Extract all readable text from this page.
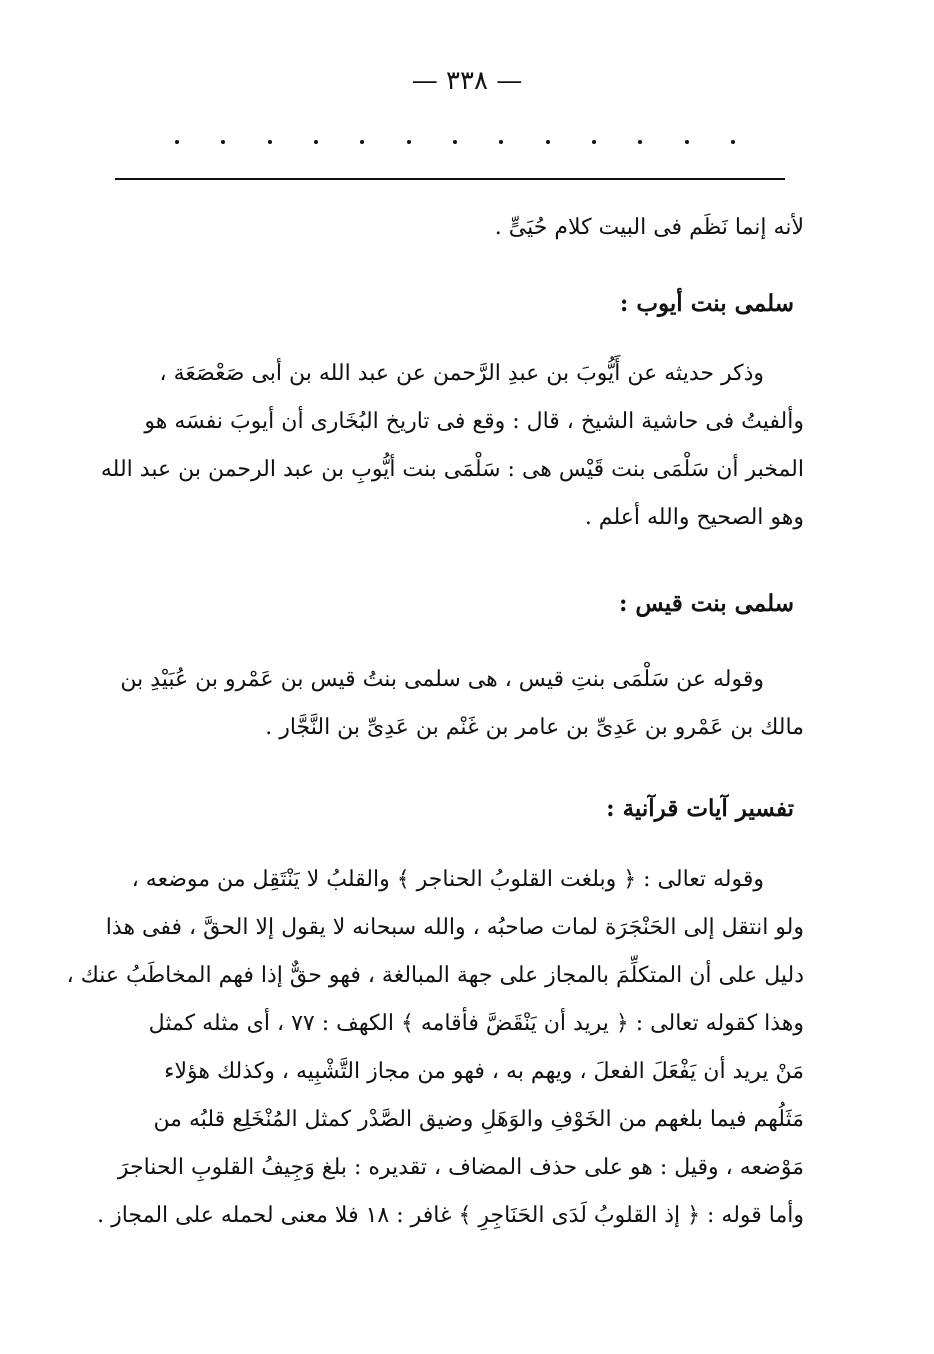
— ٣٣٨ —
لأنه إنما نَظَم فى البيت كلام حُيَىٍّ .
سلمى بنت أيوب :
وذكر حديثه عن أَيُّوبَ بن عبدِ الرَّحمن عن عبد الله بن أبى صَعْصَعَة ،
وألفيتُ فى حاشية الشيخ ، قال : وقع فى تاريخ البُخَارى أن أيوبَ نفسَه هو
المخبر أن سَلْمَى بنت قَيْس هى : سَلْمَى بنت أيُّوبِ بن عبد الرحمن بن عبد الله
وهو الصحيح والله أعلم .
سلمى بنت قيس :
وقوله عن سَلْمَى بنتِ قيس ، هى سلمى بنتُ قيس بن عَمْرو بن عُبَيْدِ بن
مالك بن عَمْرو بن عَدِىِّ بن عامر بن غَنْم بن عَدِىِّ بن النَّجَّار .
تفسير آيات قرآنية :
وقوله تعالى : ﴿ وبلغت القلوبُ الحناجر ﴾ والقلبُ لا يَنْتَقِل من موضعه ،
ولو انتقل إلى الحَنْجَرَة لمات صاحبُه ، والله سبحانه لا يقول إلا الحقَّ ، ففى هذا
دليل على أن المتكلِّمَ بالمجاز على جهة المبالغة ، فهو حقٌّ إذا فهم المخاطَبُ عنك ،
وهذا كقوله تعالى : ﴿ يريد أن يَنْقَضَّ فأقامه ﴾ الكهف : ٧٧ ، أى مثله كمثل
مَنْ يريد أن يَفْعَلَ الفعلَ ، ويهم به ، فهو من مجاز التَّشْبِيه ، وكذلك هؤلاء
مَثَلُهم فيما بلغهم من الخَوْفِ والوَهَلِ وضيق الصَّدْر كمثل المُنْخَلِع قلبُه من
مَوْضعه ، وقيل : هو على حذف المضاف ، تقديره : بلغ وَجِيفُ القلوبِ الحناجرَ
وأما قوله : ﴿ إذ القلوبُ لَدَى الحَنَاجِرِ ﴾ غافر : ١٨ فلا معنى لحمله على المجاز .
